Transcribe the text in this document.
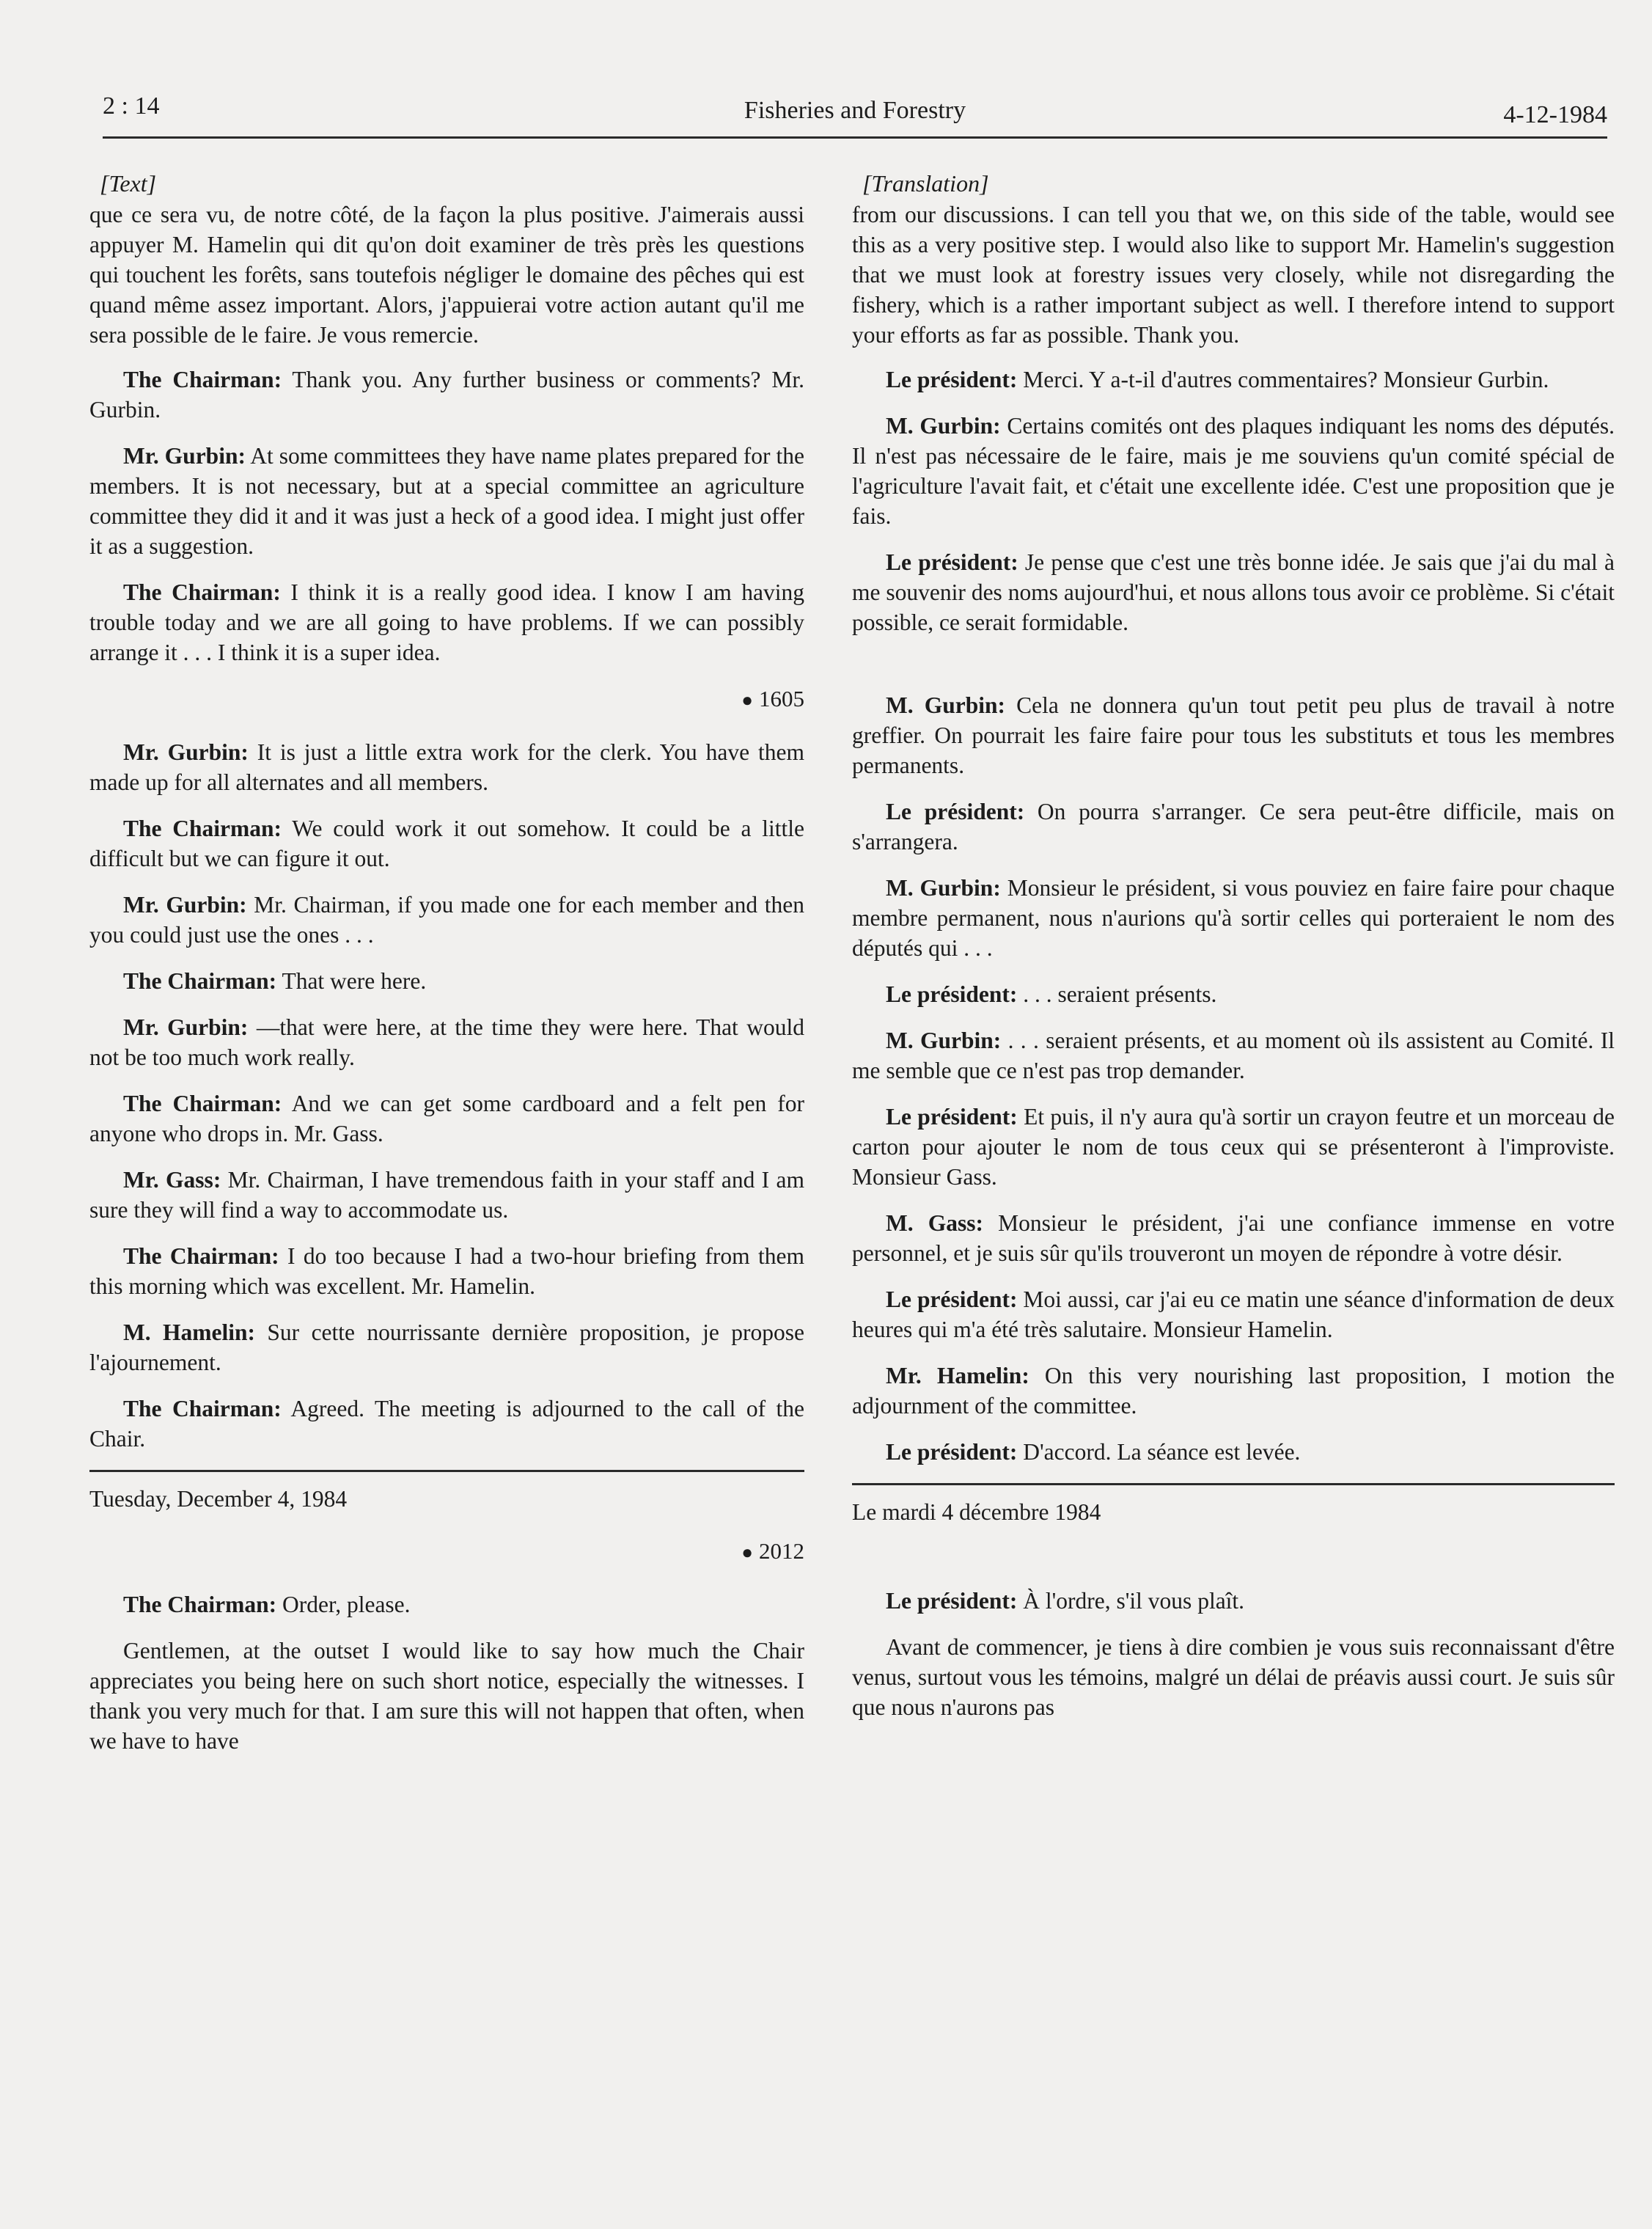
2 : 14	Fisheries and Forestry	4-12-1984
[Text]

que ce sera vu, de notre côté, de la façon la plus positive. J'aimerais aussi appuyer M. Hamelin qui dit qu'on doit examiner de très près les questions qui touchent les forêts, sans toutefois négliger le domaine des pêches qui est quand même assez important. Alors, j'appuierai votre action autant qu'il me sera possible de le faire. Je vous remercie.

The Chairman: Thank you. Any further business or comments? Mr. Gurbin.

Mr. Gurbin: At some committees they have name plates prepared for the members. It is not necessary, but at a special committee an agriculture committee they did it and it was just a heck of a good idea. I might just offer it as a suggestion.

The Chairman: I think it is a really good idea. I know I am having trouble today and we are all going to have problems. If we can possibly arrange it . . . I think it is a super idea.

● 1605

Mr. Gurbin: It is just a little extra work for the clerk. You have them made up for all alternates and all members.

The Chairman: We could work it out somehow. It could be a little difficult but we can figure it out.

Mr. Gurbin: Mr. Chairman, if you made one for each member and then you could just use the ones . . .

The Chairman: That were here.

Mr. Gurbin: —that were here, at the time they were here. That would not be too much work really.

The Chairman: And we can get some cardboard and a felt pen for anyone who drops in. Mr. Gass.

Mr. Gass: Mr. Chairman, I have tremendous faith in your staff and I am sure they will find a way to accommodate us.

The Chairman: I do too because I had a two-hour briefing from them this morning which was excellent. Mr. Hamelin.

M. Hamelin: Sur cette nourrissante dernière proposition, je propose l'ajournement.

The Chairman: Agreed. The meeting is adjourned to the call of the Chair.

Tuesday, December 4, 1984
● 2012

The Chairman: Order, please.

Gentlemen, at the outset I would like to say how much the Chair appreciates you being here on such short notice, especially the witnesses. I thank you very much for that. I am sure this will not happen that often, when we have to have

[Translation]

from our discussions. I can tell you that we, on this side of the table, would see this as a very positive step. I would also like to support Mr. Hamelin's suggestion that we must look at forestry issues very closely, while not disregarding the fishery, which is a rather important subject as well. I therefore intend to support your efforts as far as possible. Thank you.

Le président: Merci. Y a-t-il d'autres commentaires? Monsieur Gurbin.

M. Gurbin: Certains comités ont des plaques indiquant les noms des députés. Il n'est pas nécessaire de le faire, mais je me souviens qu'un comité spécial de l'agriculture l'avait fait, et c'était une excellente idée. C'est une proposition que je fais.

Le président: Je pense que c'est une très bonne idée. Je sais que j'ai du mal à me souvenir des noms aujourd'hui, et nous allons tous avoir ce problème. Si c'était possible, ce serait formidable.

M. Gurbin: Cela ne donnera qu'un tout petit peu plus de travail à notre greffier. On pourrait les faire faire pour tous les substituts et tous les membres permanents.

Le président: On pourra s'arranger. Ce sera peut-être difficile, mais on s'arrangera.

M. Gurbin: Monsieur le président, si vous pouviez en faire faire pour chaque membre permanent, nous n'aurions qu'à sortir celles qui porteraient le nom des députés qui . . .

Le président: . . . seraient présents.

M. Gurbin: . . . seraient présents, et au moment où ils assistent au Comité. Il me semble que ce n'est pas trop demander.

Le président: Et puis, il n'y aura qu'à sortir un crayon feutre et un morceau de carton pour ajouter le nom de tous ceux qui se présenteront à l'improviste. Monsieur Gass.

M. Gass: Monsieur le président, j'ai une confiance immense en votre personnel, et je suis sûr qu'ils trouveront un moyen de répondre à votre désir.

Le président: Moi aussi, car j'ai eu ce matin une séance d'information de deux heures qui m'a été très salutaire. Monsieur Hamelin.

Mr. Hamelin: On this very nourishing last proposition, I motion the adjournment of the committee.

Le président: D'accord. La séance est levée.

Le mardi 4 décembre 1984

Le président: À l'ordre, s'il vous plaît.

Avant de commencer, je tiens à dire combien je vous suis reconnaissant d'être venus, surtout vous les témoins, malgré un délai de préavis aussi court. Je suis sûr que nous n'aurons pas
